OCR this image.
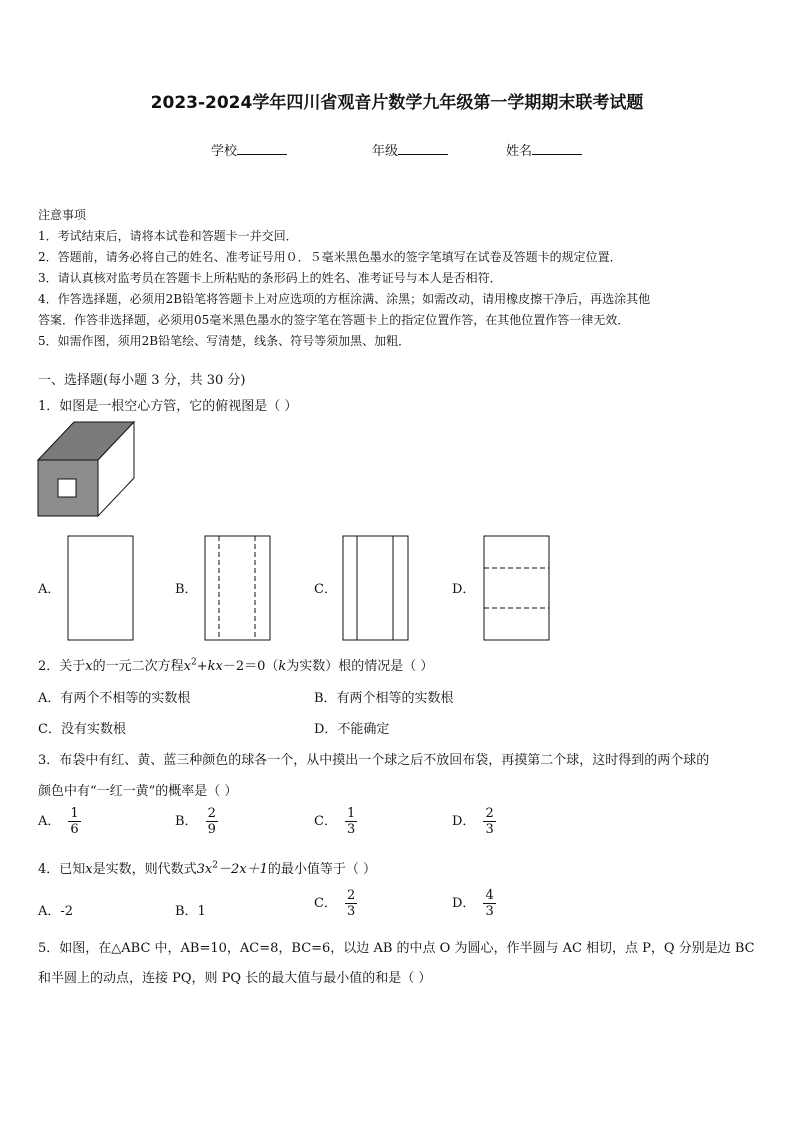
2023-2024学年四川省观音片数学九年级第一学期期末联考试题
学校	年级	姓名
注意事项
1．考试结束后，请将本试卷和答题卡一并交回．
2．答题前，请务必将自己的姓名、准考证号用０．５毫米黑色墨水的签字笔填写在试卷及答题卡的规定位置．
3．请认真核对监考员在答题卡上所粘贴的条形码上的姓名、准考证号与本人是否相符．
4．作答选择题，必须用2B铅笔将答题卡上对应选项的方框涂满、涂黑；如需改动，请用橡皮擦干净后，再选涂其他
答案．作答非选择题，必须用05毫米黑色墨水的签字笔在答题卡上的指定位置作答，在其他位置作答一律无效．
5．如需作图，须用2B铅笔绘、写清楚，线条、符号等须加黑、加粗．
一、选择题(每小题 3 分，共 30 分)
1．如图是一根空心方管，它的俯视图是（ ）
A．	B．	C．	D．
2．关于x的一元二次方程$x^2+kx-2=0(k$为实数）根的情况是（ ）
A．有两个不相等的实数根	B．有两个相等的实数根
C．没有实数根	D．不能确定
3．布袋中有红、黄、蓝三种颜色的球各一个，从中摸出一个球之后不放回布袋，再摸第二个球，这时得到的两个球的
颜色中有“一红一黄”的概率是（ ）
A． $\frac{1}{6}$	B． $\frac{2}{9}$	C． $\frac{1}{3}$	D． $\frac{2}{3}$
4．已知x是实数，则代数式$3x^2-2x+1$的最小值等于（ ）
A．-2	B．1
C． $\frac{2}{3}$	D． $\frac{4}{3}$
5．如图，在△ABC 中，AB=10，AC=8，BC=6，以边 AB 的中点 O 为圆心，作半圆与 AC 相切，点 P，Q 分别是边 BC
和半圆上的动点，连接 PQ，则 PQ 长的最大值与最小值的和是（ ）
